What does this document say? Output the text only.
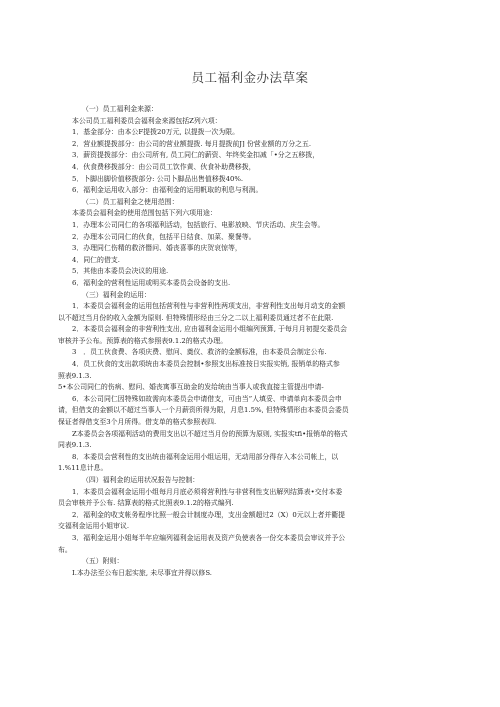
员工福利金办法草案
（一）员工福利金来源：
本公司员工福利委员会福利金来源包括Z列六项：
1．基金部分：由本公F提拨20万元, 以提拨一次为限。
2．营业额提拨部分：由公司的营业额提拨. 每月提拨前J] 份营业额的万分之五.
3．薪资提拨部分：由公司所有, 员工同仁的薪资、年终奖金扣减「•分之五移拨，
4．伙食费移拨部分：由公司员工饮作黄、伙食补助费移拨，
5．卜脚出脚价值移拨部分: 公司卜脚品出售值移拨40%.
6．福利金运用收入部分：由福利金的运用帆取的利息与利润。
（二）员工福利金之使用范围：
本委员会福利金的使用范围包括下列六项用途：
1．办理本公司同仁的各项福利活动，包括旅行、电影放映、节庆活动、庆生会等。
2．办理本公司同仁的伙食，包括平日结食、加菜、聚餐等。
3．办理同仁伤精的救济僭问、婚丧喜事的庆贺哀惊等，
4．同仁的借支.
5．其他由本委员会决议的用途.
6．福利金的营利性运用或明买本委员会设备的支出.
（三）福利金的运用：
1．本委员会福利金的运用包括营利性与非营利性两项支出，非营利性支出每月动支的金额
以不超过当月份的收入金额为原则. 但特殊情形经由三分之二以上福利委员通过者不在此限.
2．本委员会福利金的非营利性支出, 应由福利金运用小组编列预算, 于每月月初提交委员会
审核并予公布。预算表的格式参照表9.1.2的格式办理。
3　．员工伙食费、各项庆费、慰问、奠仪、救济的金额标准，由本委员会制定公布.
4．员工伙食的支出款项统由本委员会控制•参照支出标准按日实报实销, 报销单的格式参
照表9.1.3.
5•本公司同仁的伤病、慰问、婚丧寓事互助金的发给统由当事人或我直接主管提出申请-
6．本公司同仁因特殊如故需向本委员会申请借支，可由当”人填妥、申请单向本委员会申
请，但借支的金额以不超过当事人一个月薪资所得为限，月息1.5%, 但特殊情形由本委员会委员
保证者得借支至3个月所得。借支单的格式参照表四.
Z本委员会各项福利活动的费用支出以不超过当月份的预算为原则, 实报实tfi•报销单的格式
同表9.1.3.
8．本委员会营利性的支出统由福利金运用小组运用，无动用部分得存入本公司帐上，以
1.%11息计息。
（四）福利金的运用状况报告与控制：
1．本委员会福利金运用小组每月月底必须将营利性与非营利性支出解列结算表•交付本委
员会审核并予公布. 结算表的格式比照表9.1.2的格式编列.
2．福利金的收支帐务程序比照一般会计制度办理，支出金额超过2（X）0元以上者并衢提
交福利金运用小姐审议.
3．福利金运用小姐每半年应编列福利金运用表及资产负使表各一份交本委员会审议并予公
布。
（五）附则：
I.本办法至公布日起实旅, 未尽事宜并得以修S.
